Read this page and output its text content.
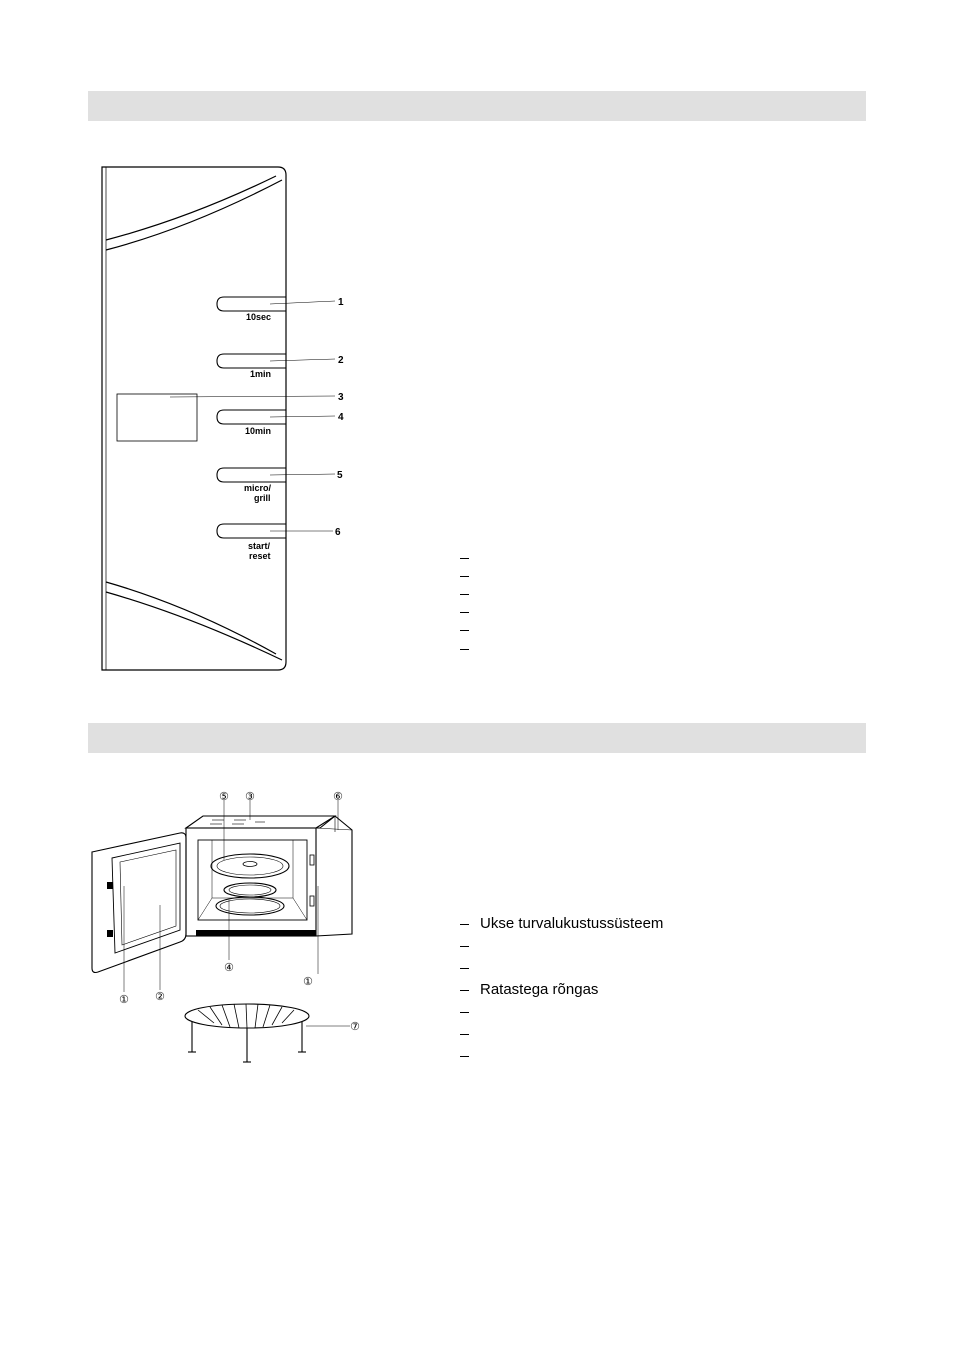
1
10sec
2
1min
3
4
10min
5
micro/
grill
6
start/
reset
⑤ ③	⑥
④
①
① ②
⑦
Ukse turvalukustussüsteem
Ratastega rõngas
